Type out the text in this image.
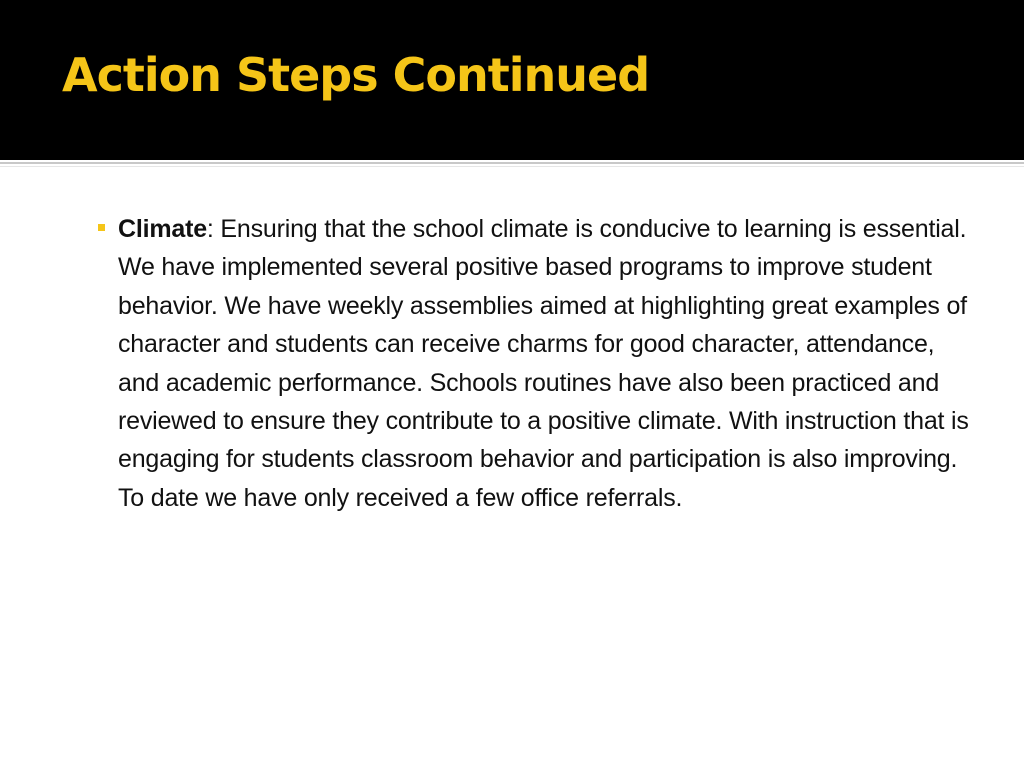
Action Steps Continued

Climate: Ensuring that the school climate is conducive to learning is essential. We have implemented several positive based programs to improve student behavior. We have weekly assemblies aimed at highlighting great examples of character and students can receive charms for good character, attendance, and academic performance. Schools routines have also been practiced and reviewed to ensure they contribute to a positive climate. With instruction that is engaging for students classroom behavior and participation is also improving. To date we have only received a few office referrals.
